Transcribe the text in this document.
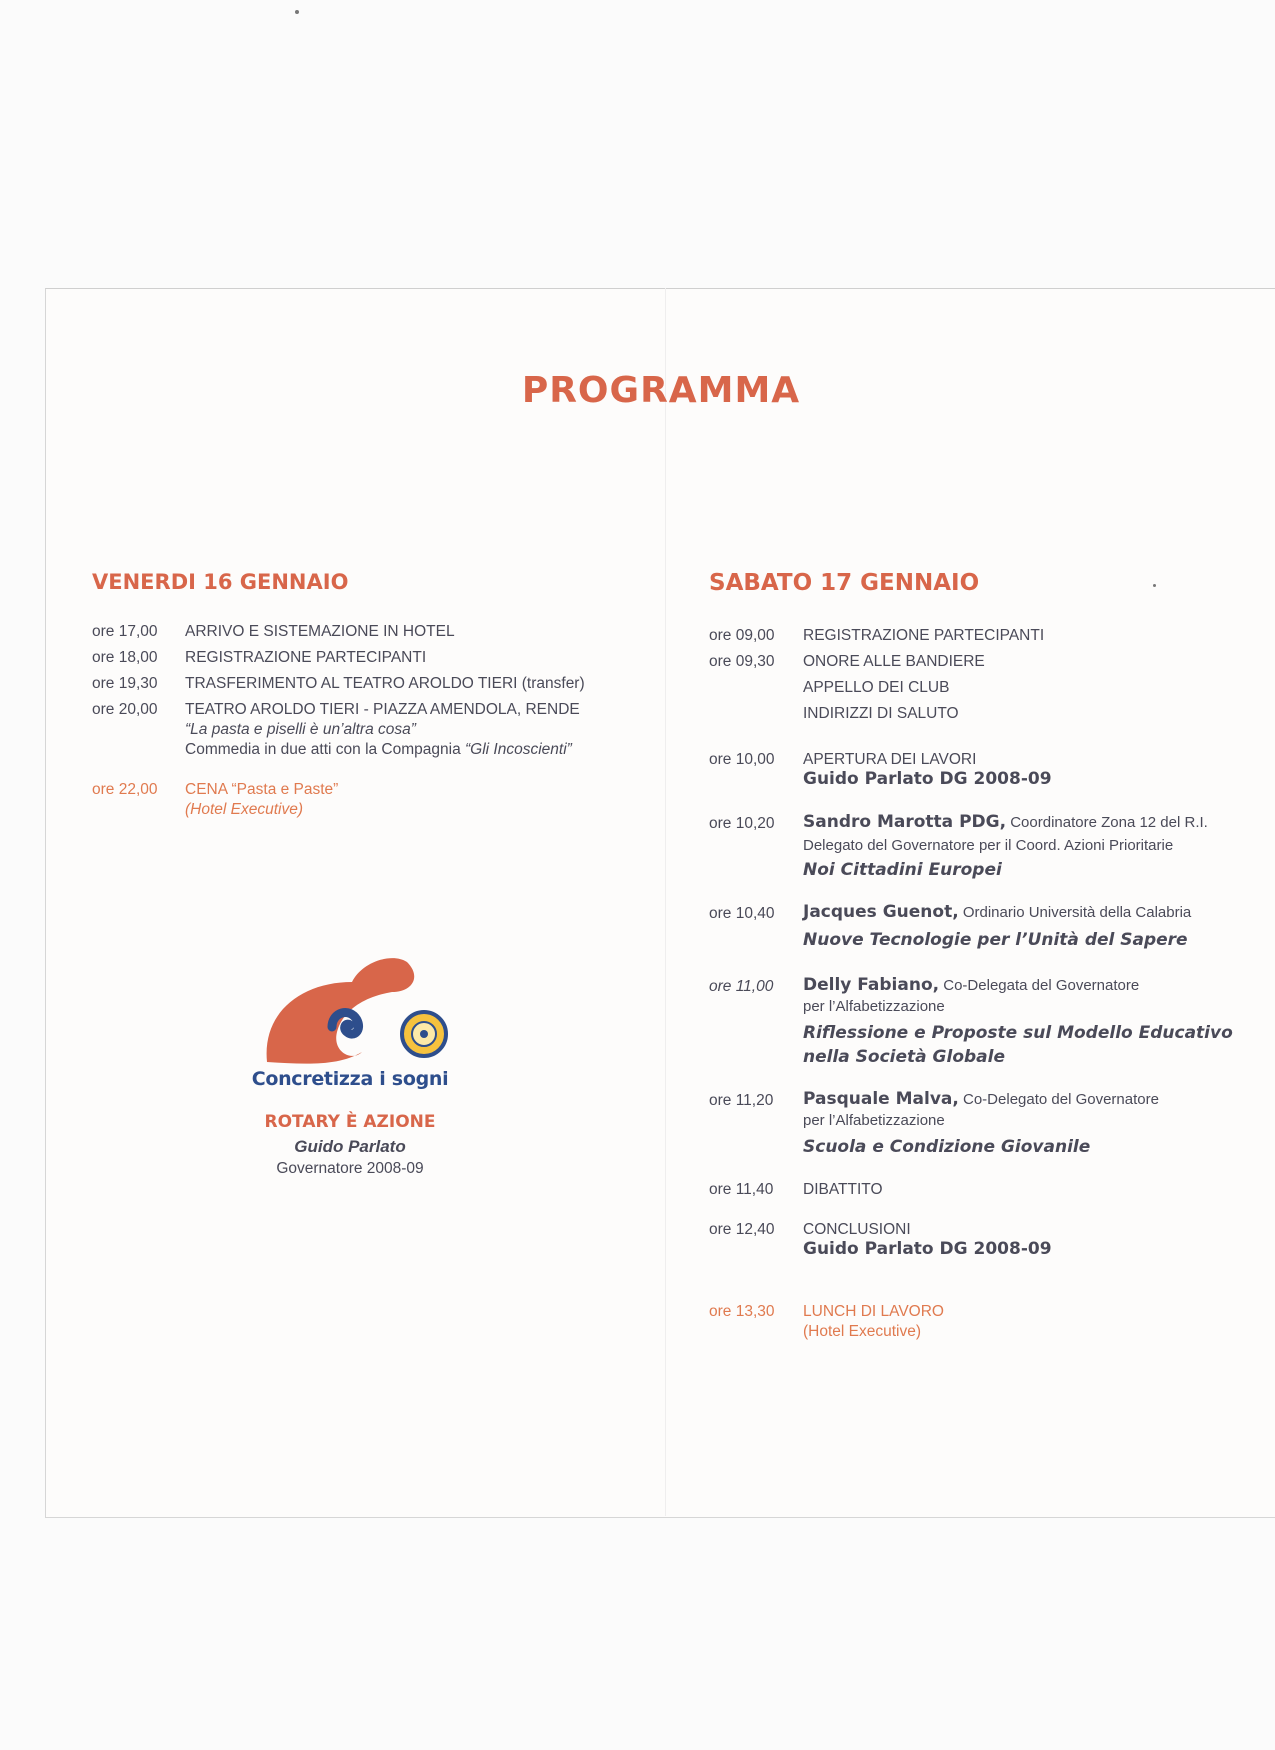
PROGRAMMA
VENERDI 16 GENNAIO
ore 17,00 ARRIVO E SISTEMAZIONE IN HOTEL
ore 18,00 REGISTRAZIONE PARTECIPANTI
ore 19,30 TRASFERIMENTO AL TEATRO AROLDO TIERI (transfer)
ore 20,00 TEATRO AROLDO TIERI - PIAZZA AMENDOLA, RENDE
“La pasta e piselli è un’altra cosa”
Commedia in due atti con la Compagnia “Gli Incoscienti”
ore 22,00 CENA “Pasta e Paste”
(Hotel Executive)
Concretizza i sogni
ROTARY È AZIONE
Guido Parlato
Governatore 2008-09
SABATO 17 GENNAIO
ore 09,00 REGISTRAZIONE PARTECIPANTI
ore 09,30 ONORE ALLE BANDIERE
APPELLO DEI CLUB
INDIRIZZI DI SALUTO
ore 10,00 APERTURA DEI LAVORI
Guido Parlato DG 2008-09
ore 10,20 Sandro Marotta PDG, Coordinatore Zona 12 del R.I.
Delegato del Governatore per il Coord. Azioni Prioritarie
Noi Cittadini Europei
ore 10,40 Jacques Guenot, Ordinario Università della Calabria
Nuove Tecnologie per l’Unità del Sapere
ore 11,00 Delly Fabiano, Co-Delegata del Governatore
per l’Alfabetizzazione
Riflessione e Proposte sul Modello Educativo
nella Società Globale
ore 11,20 Pasquale Malva, Co-Delegato del Governatore
per l’Alfabetizzazione
Scuola e Condizione Giovanile
ore 11,40 DIBATTITO
ore 12,40 CONCLUSIONI
Guido Parlato DG 2008-09
ore 13,30 LUNCH DI LAVORO
(Hotel Executive)
